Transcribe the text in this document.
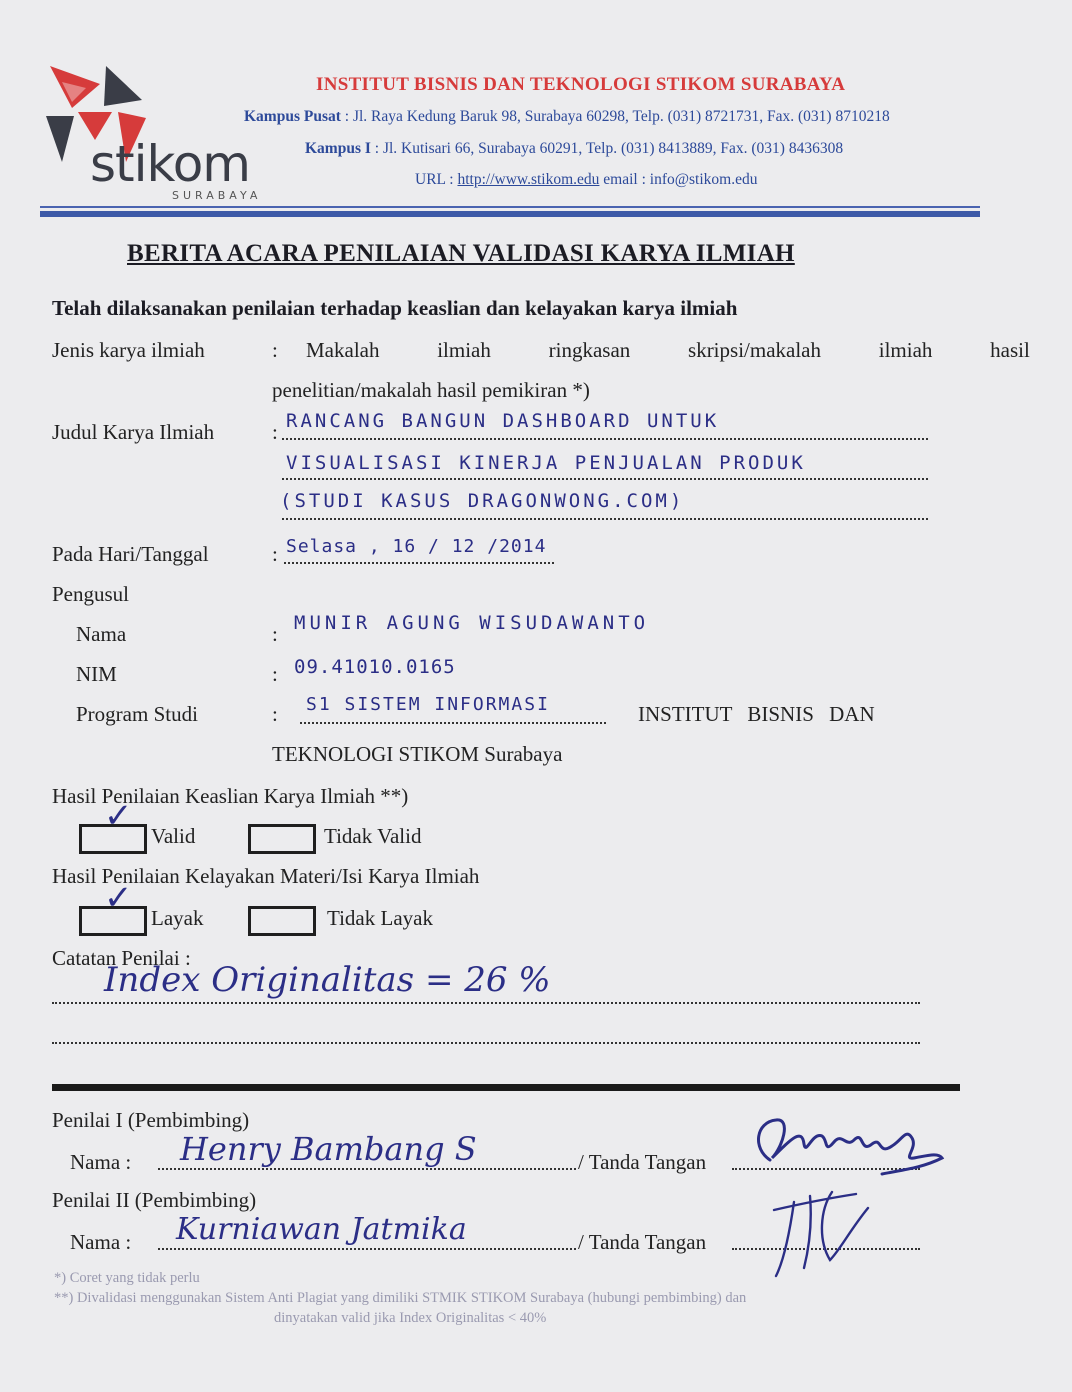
stikom
SURABAYA
INSTITUT BISNIS DAN TEKNOLOGI STIKOM SURABAYA
Kampus Pusat : Jl. Raya Kedung Baruk 98, Surabaya 60298, Telp. (031) 8721731, Fax. (031) 8710218
Kampus I : Jl. Kutisari 66, Surabaya 60291, Telp. (031) 8413889, Fax. (031) 8436308
URL : http://www.stikom.edu email : info@stikom.edu
BERITA ACARA PENILAIAN VALIDASI KARYA ILMIAH
Telah dilaksanakan penilaian terhadap keaslian dan kelayakan karya ilmiah
Jenis karya ilmiah	: Makalah   ilmiah   ringkasan   skripsi/makalah   ilmiah   hasil
penelitian/makalah hasil pemikiran *)
Judul Karya Ilmiah	: RANCANG BANGUN DASHBOARD UNTUK
VISUALISASI KINERJA PENJUALAN PRODUK
(STUDI KASUS DRAGONWONG.COM)
Pada Hari/Tanggal	: Selasa , 16 / 12 /2014
Pengusul
Nama	: MUNIR AGUNG WISUDAWANTO
NIM	: 09.41010.0165
Program Studi	: S1 SISTEM INFORMASI	INSTITUT BISNIS DAN
TEKNOLOGI STIKOM Surabaya
Hasil Penilaian Keaslian Karya Ilmiah **)
✓
Valid	Tidak Valid
Hasil Penilaian Kelayakan Materi/Isi Karya Ilmiah
✓
Layak	Tidak Layak
Catatan Penilai :
Index Originalitas = 26 %
Penilai I (Pembimbing)
Nama : Henry Bambang S	/ Tanda Tangan
Penilai II (Pembimbing)
Nama : Kurniawan Jatmika	/ Tanda Tangan
*) Coret yang tidak perlu
**) Divalidasi menggunakan Sistem Anti Plagiat yang dimiliki STMIK STIKOM Surabaya (hubungi pembimbing) dan
dinyatakan valid jika Index Originalitas < 40%
